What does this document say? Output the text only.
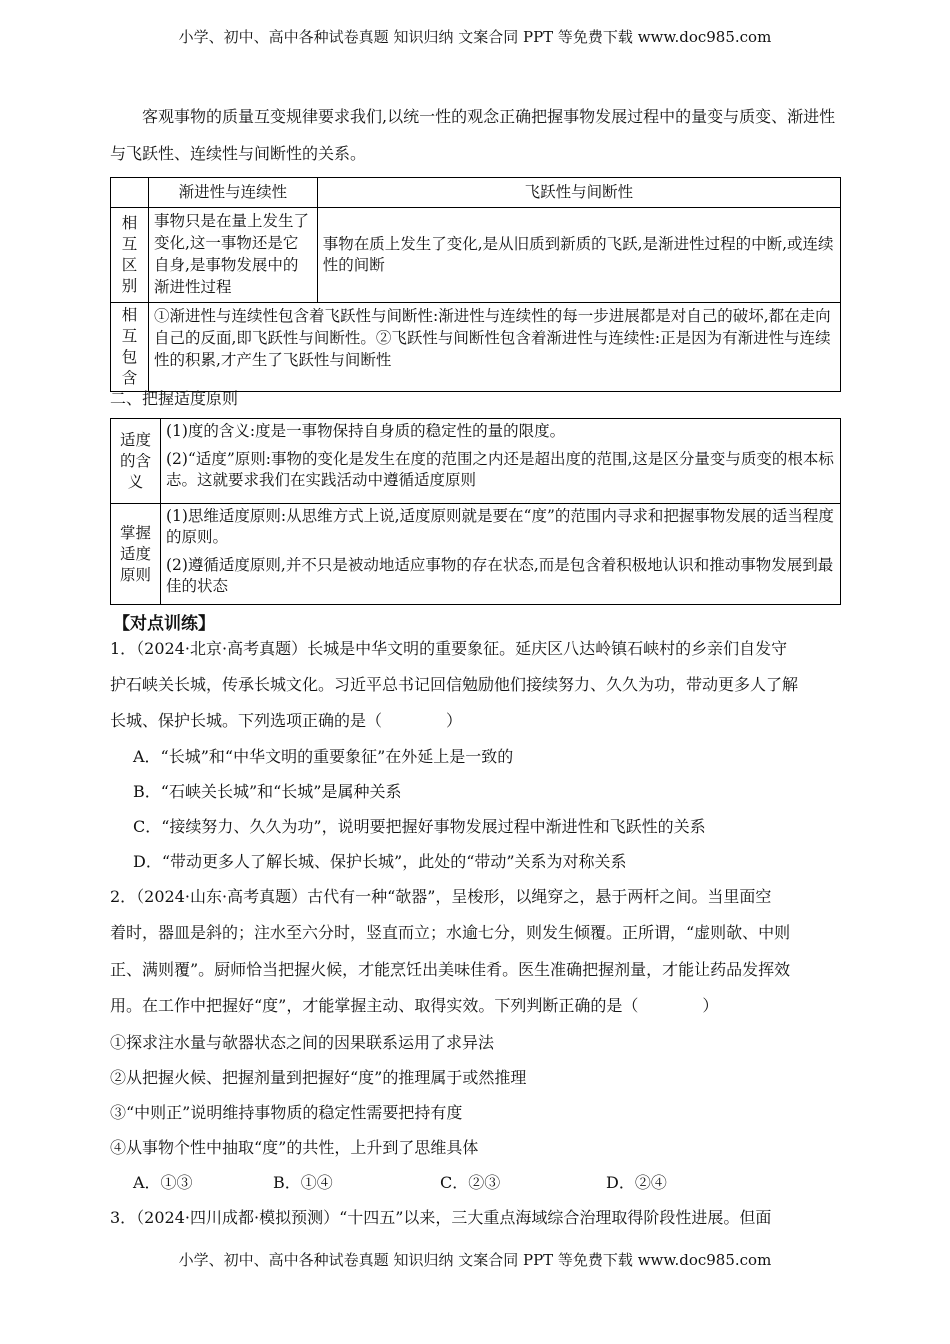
小学、初中、高中各种试卷真题 知识归纳 文案合同 PPT 等免费下载 www.doc985.com
客观事物的质量互变规律要求我们,以统一性的观念正确把握事物发展过程中的量变与质变、渐进性与飞跃性、连续性与间断性的关系。
	渐进性与连续性	飞跃性与间断性
相互区别	事物只是在量上发生了变化,这一事物还是它自身,是事物发展中的渐进性过程	事物在质上发生了变化,是从旧质到新质的飞跃,是渐进性过程的中断,或连续性的间断
相互包含	①渐进性与连续性包含着飞跃性与间断性:渐进性与连续性的每一步进展都是对自己的破坏,都在走向自己的反面,即飞跃性与间断性。②飞跃性与间断性包含着渐进性与连续性:正是因为有渐进性与连续性的积累,才产生了飞跃性与间断性	
二、把握适度原则
适度的含义	(1)度的含义:度是一事物保持自身质的稳定性的量的限度。
(2)“适度”原则:事物的变化是发生在度的范围之内还是超出度的范围,这是区分量变与质变的根本标志。这就要求我们在实践活动中遵循适度原则

掌握适度原则	(1)思维适度原则:从思维方式上说,适度原则就是要在“度”的范围内寻求和把握事物发展的适当程度的原则。
(2)遵循适度原则,并不只是被动地适应事物的存在状态,而是包含着积极地认识和推动事物发展到最佳的状态
【对点训练】
1．（2024·北京·高考真题）长城是中华文明的重要象征。延庆区八达岭镇石峡村的乡亲们自发守
护石峡关长城，传承长城文化。习近平总书记回信勉励他们接续努力、久久为功，带动更多人了解
长城、保护长城。下列选项正确的是（　　　　）
A．“长城”和“中华文明的重要象征”在外延上是一致的
B．“石峡关长城”和“长城”是属种关系
C．“接续努力、久久为功”，说明要把握好事物发展过程中渐进性和飞跃性的关系
D．“带动更多人了解长城、保护长城”，此处的“带动”关系为对称关系
2．（2024·山东·高考真题）古代有一种“欹器”，呈梭形，以绳穿之，悬于两杆之间。当里面空
着时，器皿是斜的；注水至六分时，竖直而立；水逾七分，则发生倾覆。正所谓，“虚则欹、中则
正、满则覆”。厨师恰当把握火候，才能烹饪出美味佳肴。医生准确把握剂量，才能让药品发挥效
用。在工作中把握好“度”，才能掌握主动、取得实效。下列判断正确的是（　　　　）
①探求注水量与欹器状态之间的因果联系运用了求异法
②从把握火候、把握剂量到把握好“度”的推理属于或然推理
③“中则正”说明维持事物质的稳定性需要把持有度
④从事物个性中抽取“度”的共性，上升到了思维具体
A．①③	B．①④	C．②③	D．②④
3．（2024·四川成都·模拟预测）“十四五”以来，三大重点海域综合治理取得阶段性进展。但面
小学、初中、高中各种试卷真题 知识归纳 文案合同 PPT 等免费下载 www.doc985.com
